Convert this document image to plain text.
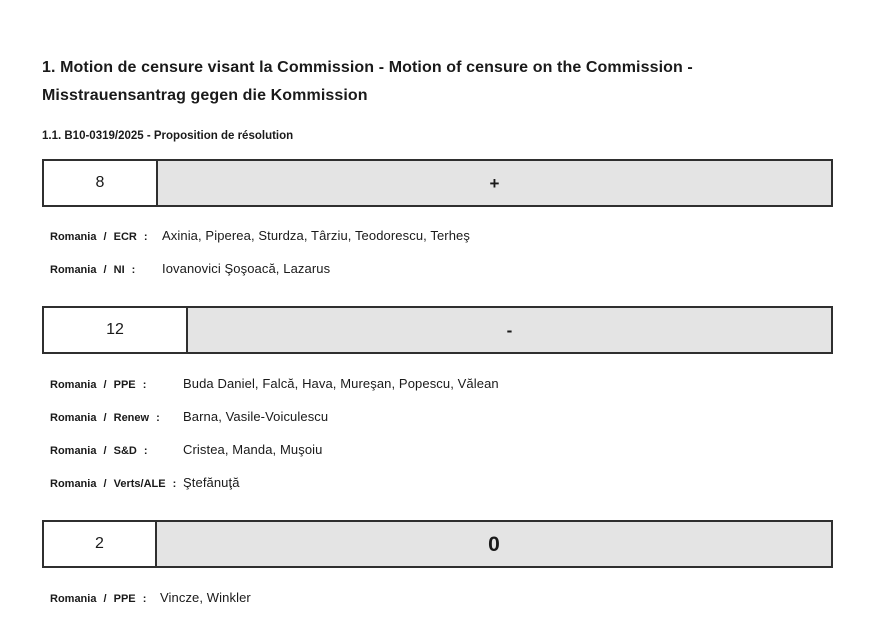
1. Motion de censure visant la Commission - Motion of censure on the Commission -
Misstrauensantrag gegen die Kommission
1.1. B10-0319/2025 - Proposition de résolution
8	+
Romania / ECR :	Axinia, Piperea, Sturdza, Târziu, Teodorescu, Terheş
Romania / NI :	Iovanovici Şoşoacă, Lazarus
12	-
Romania / PPE :	Buda Daniel, Falcă, Hava, Mureşan, Popescu, Vălean
Romania / Renew :	Barna, Vasile-Voiculescu
Romania / S&D :	Cristea, Manda, Muşoiu
Romania / Verts/ALE : Ştefănuţă
2	0
Romania / PPE :	Vincze, Winkler
